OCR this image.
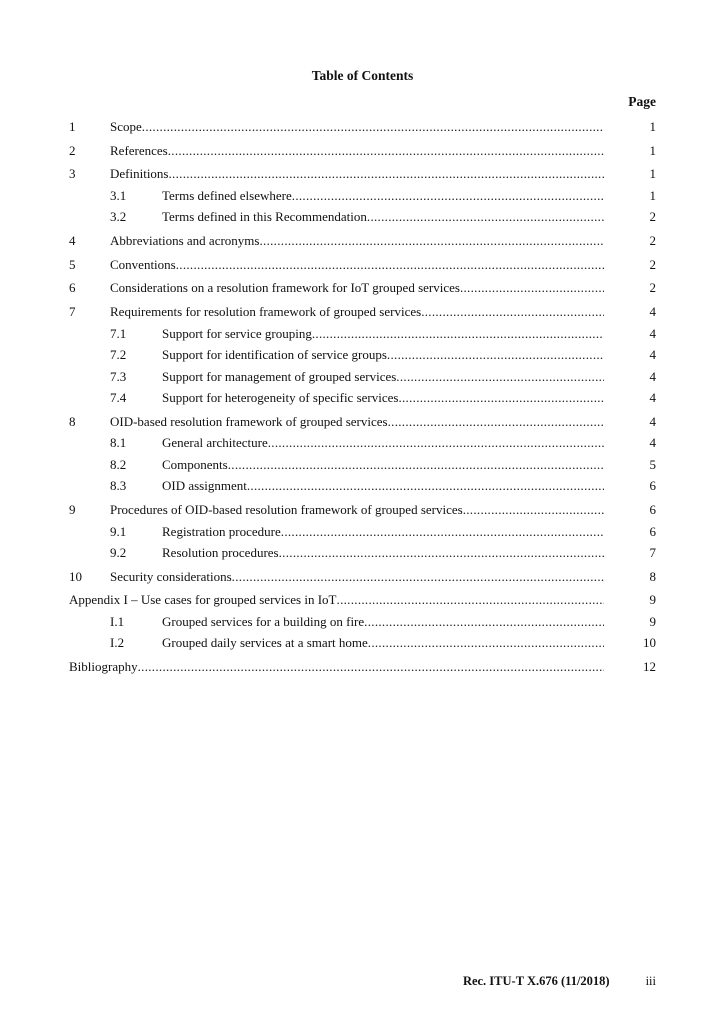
Table of Contents
Page
1	Scope .....	1
2	References .....	1
3	Definitions .....	1
3.1	Terms defined elsewhere .....	1
3.2	Terms defined in this Recommendation .....	2
4	Abbreviations and acronyms .....	2
5	Conventions .....	2
6	Considerations on a resolution framework for IoT grouped services .....	2
7	Requirements for resolution framework of grouped services .....	4
7.1	Support for service grouping .....	4
7.2	Support for identification of service groups .....	4
7.3	Support for management of grouped services .....	4
7.4	Support for heterogeneity of specific services .....	4
8	OID-based resolution framework of grouped services .....	4
8.1	General architecture .....	4
8.2	Components .....	5
8.3	OID assignment .....	6
9	Procedures of OID-based resolution framework of grouped services .....	6
9.1	Registration procedure .....	6
9.2	Resolution procedures .....	7
10	Security considerations .....	8
Appendix I – Use cases for grouped services in IoT .....	9
I.1	Grouped services for a building on fire .....	9
I.2	Grouped daily services at a smart home .....	10
Bibliography .....	12
Rec. ITU-T X.676 (11/2018)	iii
